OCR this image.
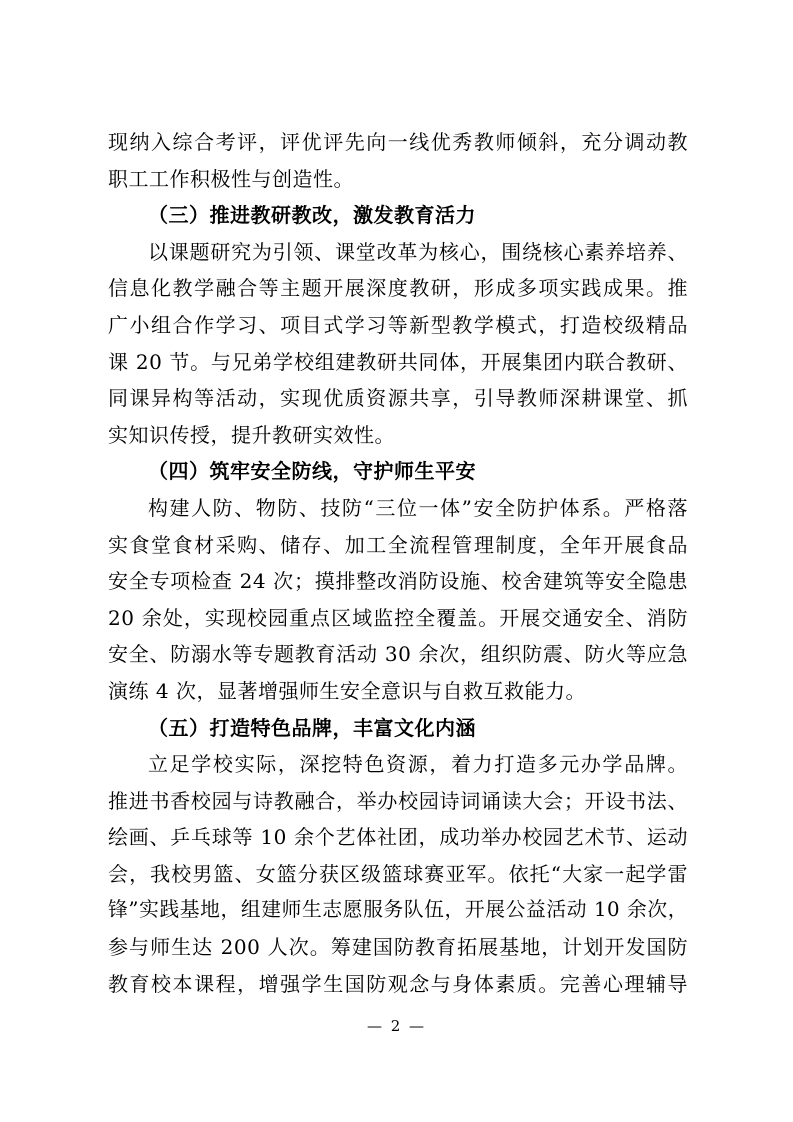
现纳入综合考评，评优评先向一线优秀教师倾斜，充分调动教
职工工作积极性与创造性。
（三）推进教研教改，激发教育活力
以课题研究为引领、课堂改革为核心，围绕核心素养培养、
信息化教学融合等主题开展深度教研，形成多项实践成果。推
广小组合作学习、项目式学习等新型教学模式，打造校级精品
课 20 节。与兄弟学校组建教研共同体，开展集团内联合教研、
同课异构等活动，实现优质资源共享，引导教师深耕课堂、抓
实知识传授，提升教研实效性。
（四）筑牢安全防线，守护师生平安
构建人防、物防、技防“三位一体”安全防护体系。严格落
实食堂食材采购、储存、加工全流程管理制度，全年开展食品
安全专项检查 24 次；摸排整改消防设施、校舍建筑等安全隐患
20 余处，实现校园重点区域监控全覆盖。开展交通安全、消防
安全、防溺水等专题教育活动 30 余次，组织防震、防火等应急
演练 4 次，显著增强师生安全意识与自救互救能力。
（五）打造特色品牌，丰富文化内涵
立足学校实际，深挖特色资源，着力打造多元办学品牌。
推进书香校园与诗教融合，举办校园诗词诵读大会；开设书法、
绘画、乒乓球等 10 余个艺体社团，成功举办校园艺术节、运动
会，我校男篮、女篮分获区级篮球赛亚军。依托“大家一起学雷
锋”实践基地，组建师生志愿服务队伍，开展公益活动 10 余次，
参与师生达 200 人次。筹建国防教育拓展基地，计划开发国防
教育校本课程，增强学生国防观念与身体素质。完善心理辅导
— 2 —
